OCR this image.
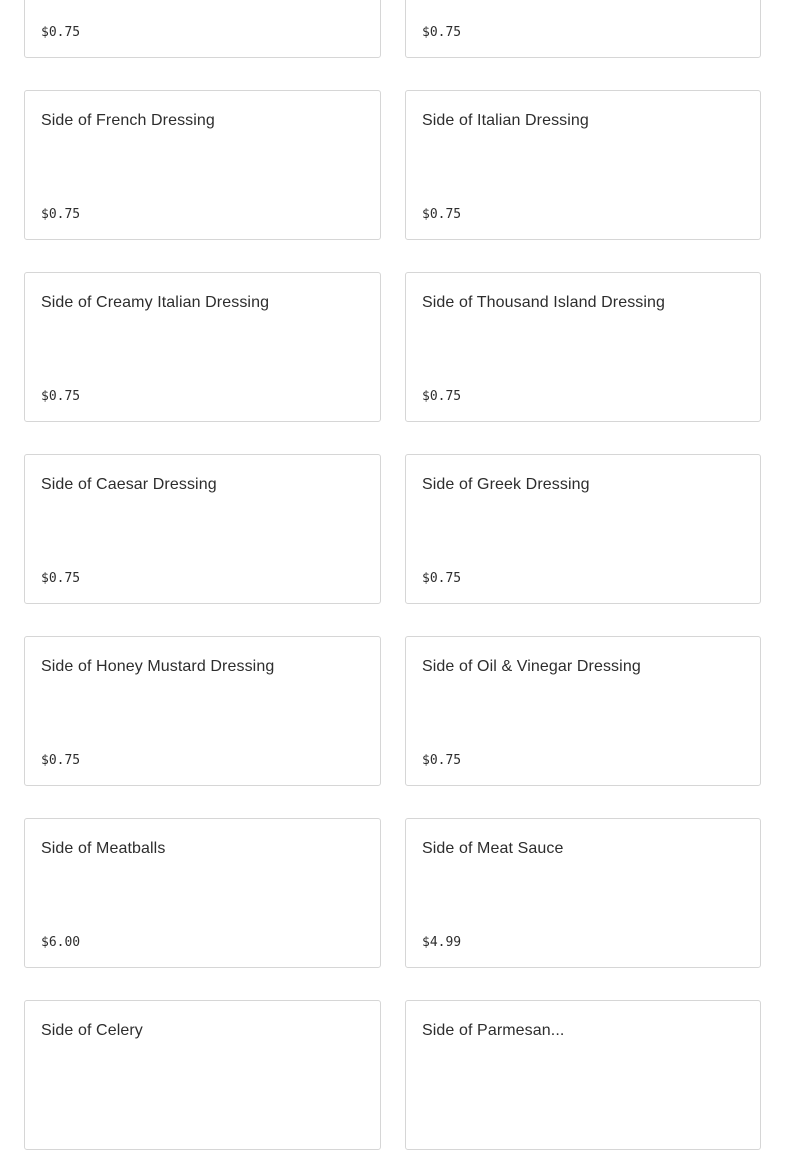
$0.75	$0.75
Side of French Dressing
$0.75
Side of Italian Dressing
$0.75
Side of Creamy Italian Dressing
$0.75
Side of Thousand Island Dressing
$0.75
Side of Caesar Dressing
$0.75
Side of Greek Dressing
$0.75
Side of Honey Mustard Dressing
$0.75
Side of Oil & Vinegar Dressing
$0.75
Side of Meatballs
$6.00
Side of Meat Sauce
$4.99
Side of Celery	Side of Parmesan...
